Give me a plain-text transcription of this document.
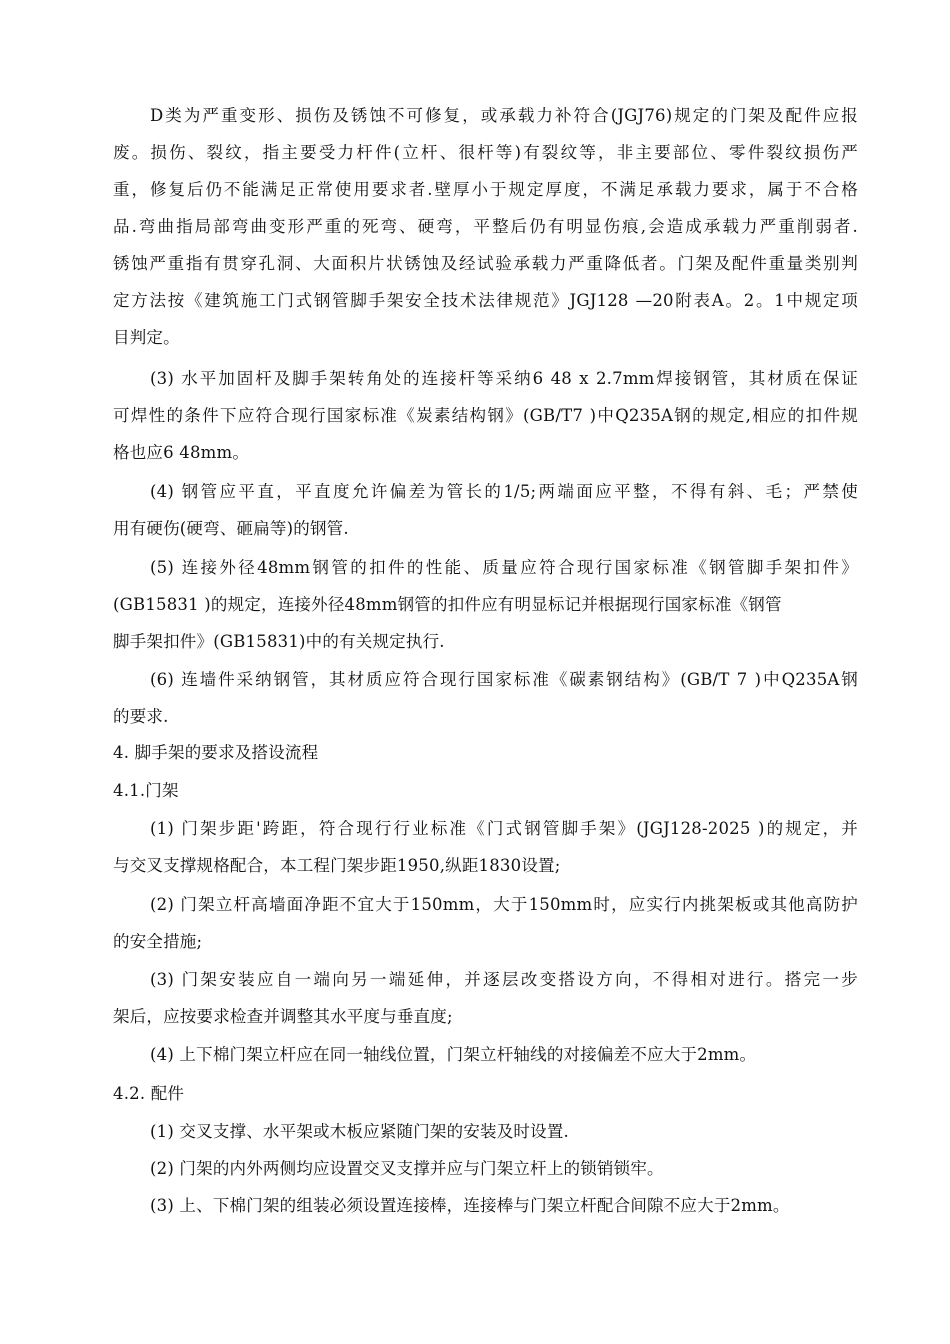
D类为严重变形、损伤及锈蚀不可修复，或承载力补符合(JGJ76)规定的门架及配件应报
废。损伤、裂纹，指主要受力杆件(立杆、很杆等)有裂纹等，非主要部位、零件裂纹损伤严
重，修复后仍不能满足正常使用要求者.壁厚小于规定厚度，不满足承载力要求，属于不合格
品.弯曲指局部弯曲变形严重的死弯、硬弯，平整后仍有明显伤痕,会造成承载力严重削弱者.
锈蚀严重指有贯穿孔洞、大面积片状锈蚀及经试验承载力严重降低者。门架及配件重量类别判
定方法按《建筑施工门式钢管脚手架安全技术法律规范》JGJ128 —20附表A。2。1中规定项
目判定。
(3) 水平加固杆及脚手架转角处的连接杆等采纳6 48 x 2.7mm焊接钢管，其材质在保证
可焊性的条件下应符合现行国家标准《炭素结构钢》(GB/T7 )中Q235A钢的规定,相应的扣件规
格也应6 48mm。
(4) 钢管应平直，平直度允许偏差为管长的1/5;两端面应平整，不得有斜、毛；严禁使
用有硬伤(硬弯、砸扁等)的钢管.
(5) 连接外径48mm钢管的扣件的性能、质量应符合现行国家标准《钢管脚手架扣件》
(GB15831 )的规定，连接外径48mm钢管的扣件应有明显标记并根据现行国家标准《钢管
脚手架扣件》(GB15831)中的有关规定执行.
(6) 连墙件采纳钢管，其材质应符合现行国家标准《碳素钢结构》(GB/T 7 )中Q235A钢
的要求.
4. 脚手架的要求及搭设流程
4.1.门架
(1) 门架步距'跨距，符合现行行业标准《门式钢管脚手架》(JGJ128-2025 )的规定，并
与交叉支撑规格配合，本工程门架步距1950,纵距1830设置;
(2) 门架立杆高墙面净距不宜大于150mm，大于150mm时，应实行内挑架板或其他高防护
的安全措施;
(3) 门架安装应自一端向另一端延伸，并逐层改变搭设方向，不得相对进行。搭完一步
架后，应按要求检查并调整其水平度与垂直度;
(4) 上下棉门架立杆应在同一轴线位置，门架立杆轴线的对接偏差不应大于2mm。
4.2. 配件
(1) 交叉支撑、水平架或木板应紧随门架的安装及时设置.
(2) 门架的内外两侧均应设置交叉支撑并应与门架立杆上的锁销锁牢。
(3) 上、下棉门架的组装必须设置连接棒，连接棒与门架立杆配合间隙不应大于2mm。
